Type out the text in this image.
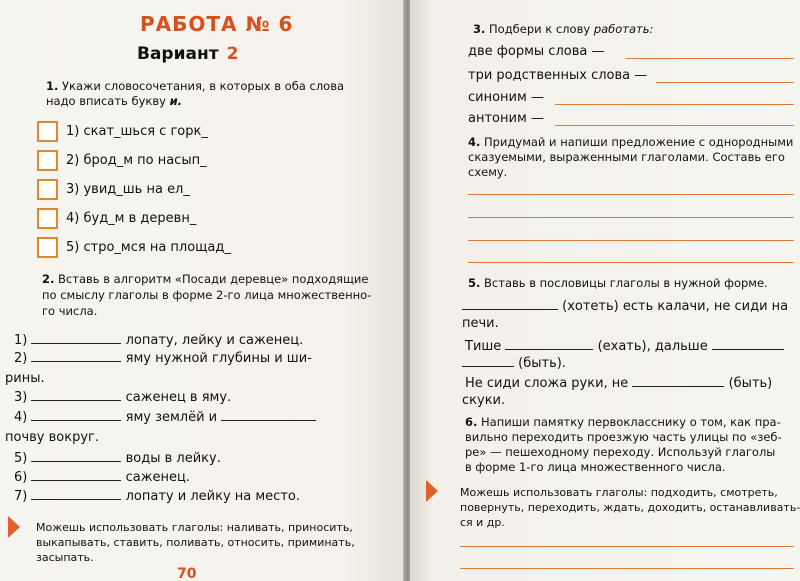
РАБОТА № 6
Вариант 2
1. Укажи словосочетания, в которых в оба слова
надо вписать букву и.
1) скат_шься с горк_
2) брод_м по насып_
3) увид_шь на ел_
4) буд_м в деревн_
5) стро_мся на площад_
2. Вставь в алгоритм «Посади деревце» подходящие
по смыслу глаголы в форме 2-го лица множественно-
го числа.
1)	лопату, лейку и саженец.
2)	яму нужной глубины и ши-
рины.
3)	саженец в яму.
4)	яму землёй и
почву вокруг.
5)	воды в лейку.
6)	саженец.
7)	лопату и лейку на место.
Можешь использовать глаголы: наливать, приносить,
выкапывать, ставить, поливать, относить, приминать,
засыпать.
70
3. Подбери к слову работать:
две формы слова —
три родственных слова —
синоним —
антоним —
4. Придумай и напиши предложение с однородными
сказуемыми, выраженными глаголами. Составь его
схему.
5. Вставь в пословицы глаголы в нужной форме.
(хотеть) есть калачи, не сиди на
печи.
Тише	(ехать), дальше
(быть).
Не сиди сложа руки, не	(быть)
скуки.
6. Напиши памятку первокласснику о том, как пра-
вильно переходить проезжую часть улицы по «зеб-
ре» — пешеходному переходу. Используй глаголы
в форме 1-го лица множественного числа.
Можешь использовать глаголы: подходить, смотреть,
повернуть, переходить, ждать, доходить, останавливать-
ся и др.
